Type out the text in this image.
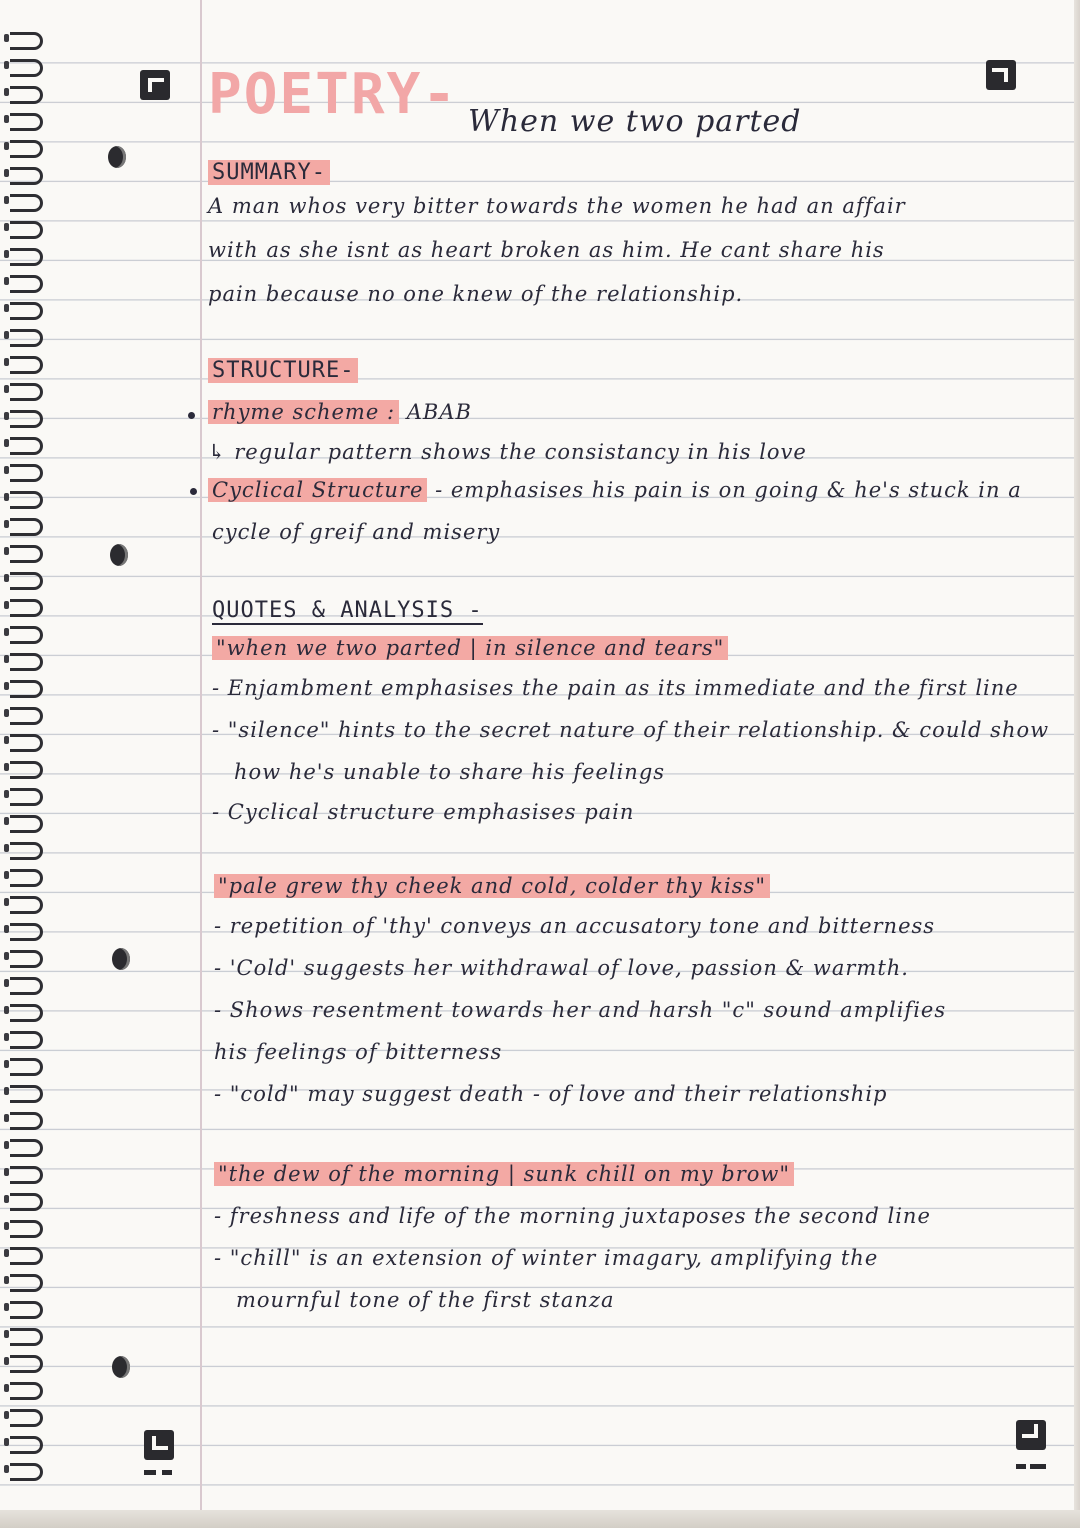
POETRY- When we two parted
SUMMARY-
A man whos very bitter towards the women he had an affair
with as she isnt as heart broken as him. He cant share his
pain because no one knew of the relationship.
STRUCTURE-
rhyme scheme : ABAB
↳ regular pattern shows the consistancy in his love
Cyclical Structure - emphasises his pain is on going & he's stuck in a
cycle of greif and misery
QUOTES & ANALYSIS -
"when we two parted | in silence and tears"
- Enjambment emphasises the pain as its immediate and the first line
- "silence" hints to the secret nature of their relationship. & could show
how he's unable to share his feelings
- Cyclical structure emphasises pain
"pale grew thy cheek and cold, colder thy kiss"
- repetition of 'thy' conveys an accusatory tone and bitterness
- 'Cold' suggests her withdrawal of love, passion & warmth.
- Shows resentment towards her and harsh "c" sound amplifies
his feelings of bitterness
- "cold" may suggest death - of love and their relationship
"the dew of the morning | sunk chill on my brow"
- freshness and life of the morning juxtaposes the second line
- "chill" is an extension of winter imagary, amplifying the
mournful tone of the first stanza
